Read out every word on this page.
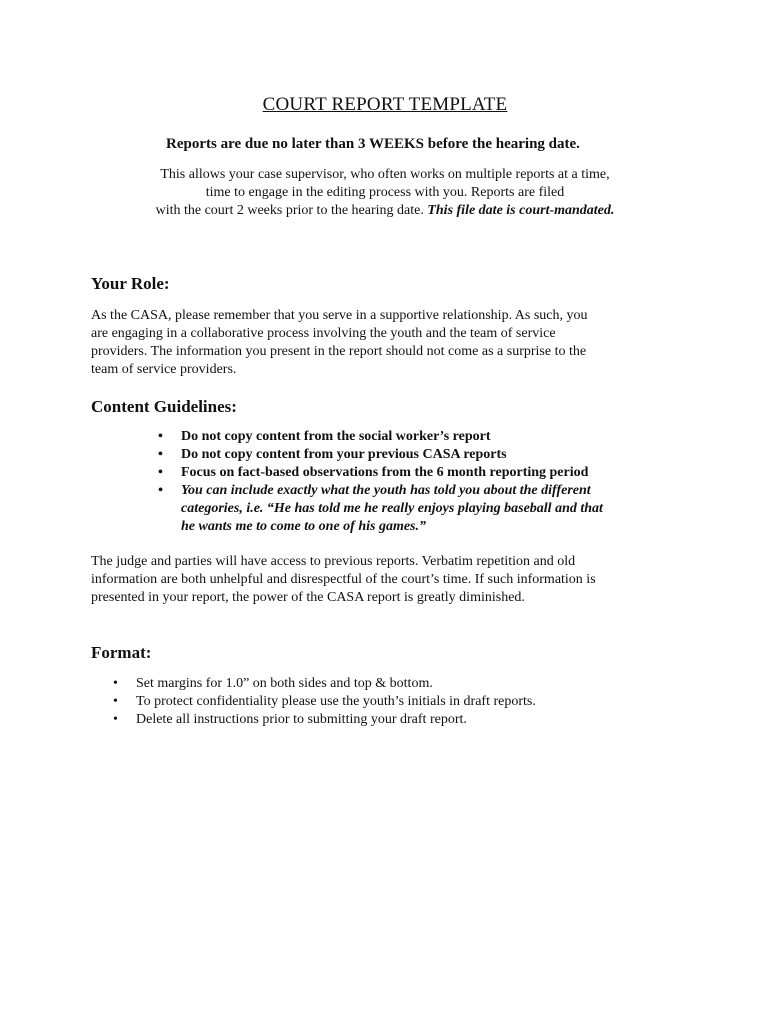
COURT REPORT TEMPLATE
Reports are due no later than 3 WEEKS before the hearing date.
This allows your case supervisor, who often works on multiple reports at a time,
time to engage in the editing process with you. Reports are filed
with the court 2 weeks prior to the hearing date. This file date is court-mandated.
Your Role:
As the CASA, please remember that you serve in a supportive relationship. As such, you
are engaging in a collaborative process involving the youth and the team of service
providers. The information you present in the report should not come as a surprise to the
team of service providers.
Content Guidelines:
• Do not copy content from the social worker’s report
• Do not copy content from your previous CASA reports
• Focus on fact-based observations from the 6 month reporting period
• You can include exactly what the youth has told you about the different
categories, i.e. “He has told me he really enjoys playing baseball and that
he wants me to come to one of his games.”
The judge and parties will have access to previous reports. Verbatim repetition and old
information are both unhelpful and disrespectful of the court’s time. If such information is
presented in your report, the power of the CASA report is greatly diminished.
Format:
• Set margins for 1.0” on both sides and top & bottom.
• To protect confidentiality please use the youth’s initials in draft reports.
• Delete all instructions prior to submitting your draft report.
